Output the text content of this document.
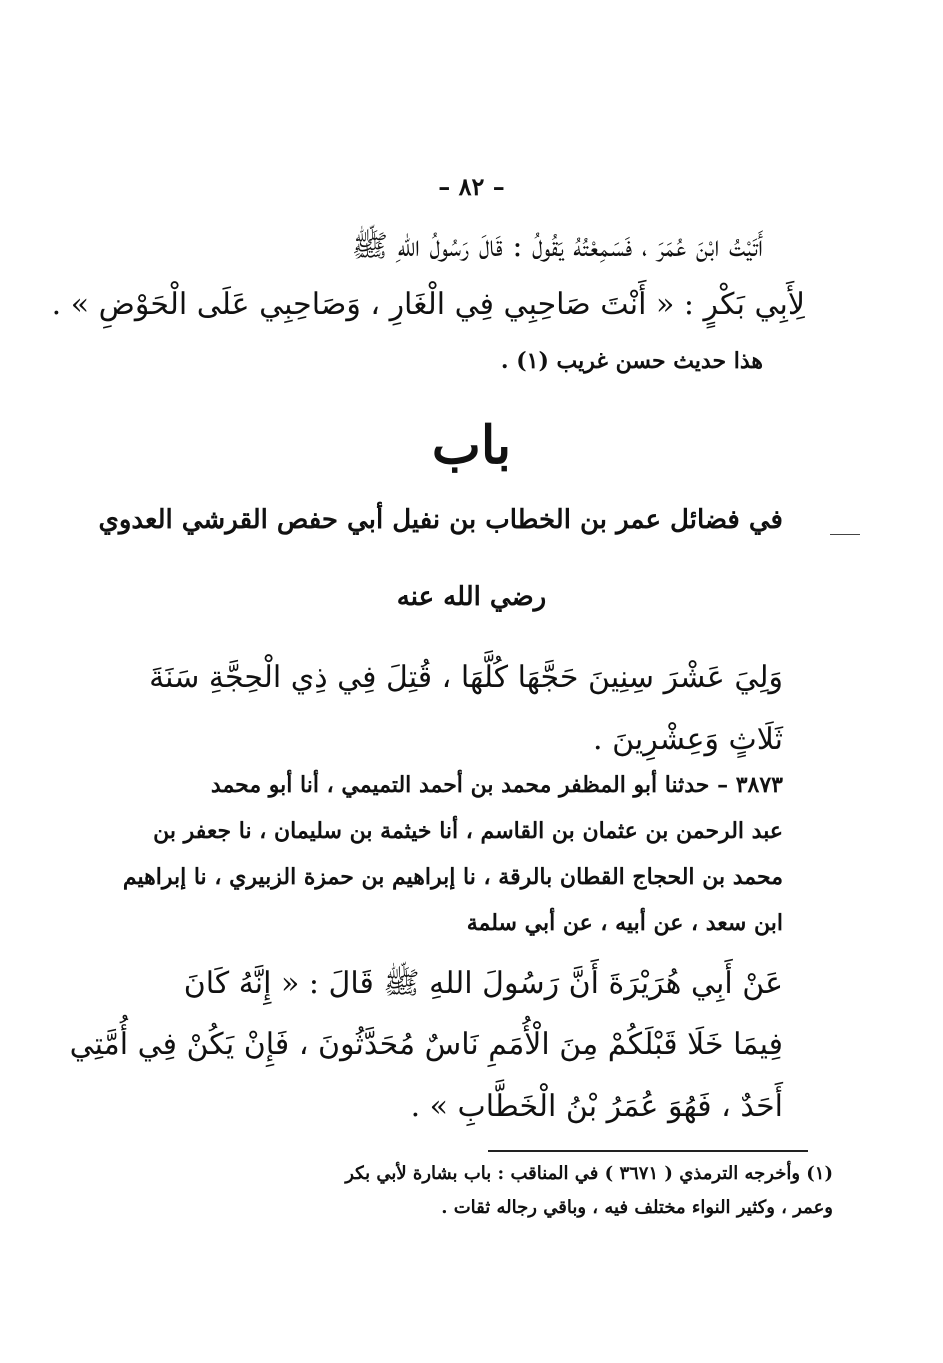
– ٨٢ –
أَتَيْتُ ابْنَ عُمَرَ ، فَسَمِعْتُهُ يَقُولُ : قَالَ رَسُولُ اللهِ ﷺ
لِأَبِي بَكْرٍ : « أَنْتَ صَاحِبِي فِي الْغَارِ ، وَصَاحِبِي عَلَى الْحَوْضِ » .
هذا حديث حسن غريب (١) .
باب
في فضائل عمر بن الخطاب بن نفيل أبي حفص القرشي العدوي
رضي الله عنه
وَلِيَ عَشْرَ سِنِينَ حَجَّهَا كُلَّهَا ، قُتِلَ فِي ذِي الْحِجَّةِ سَنَةَ
ثَلَاثٍ وَعِشْرِينَ .
٣٨٧٣ – حدثنا أبو المظفر محمد بن أحمد التميمي ، أنا أبو محمد
عبد الرحمن بن عثمان بن القاسم ، أنا خيثمة بن سليمان ، نا جعفر بن
محمد بن الحجاج القطان بالرقة ، نا إبراهيم بن حمزة الزبيري ، نا إبراهيم
ابن سعد ، عن أبيه ، عن أبي سلمة
عَنْ أَبِي هُرَيْرَةَ أَنَّ رَسُولَ اللهِ ﷺ قَالَ : « إِنَّهُ كَانَ
فِيمَا خَلَا قَبْلَكُمْ مِنَ الْأُمَمِ نَاسٌ مُحَدَّثُونَ ، فَإِنْ يَكُنْ فِي أُمَّتِي
أَحَدٌ ، فَهُوَ عُمَرُ بْنُ الْخَطَّابِ » .
(١) وأخرجه الترمذي ( ٣٦٧١ ) في المناقب : باب بشارة لأبي بكر
وعمر ، وكثير النواء مختلف فيه ، وباقي رجاله ثقات .
